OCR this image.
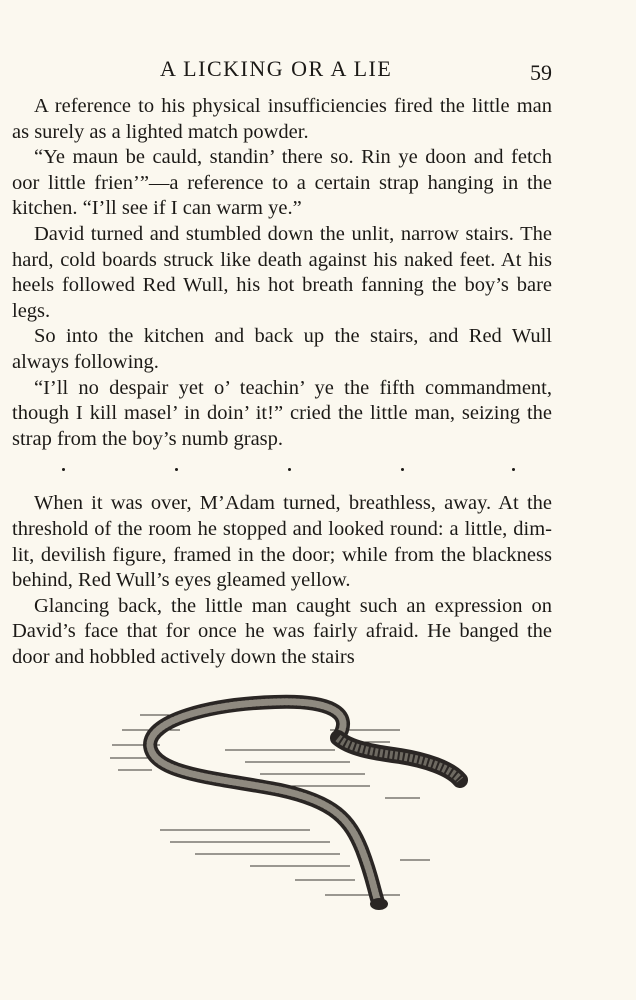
A LICKING OR A LIE	59

A reference to his physical insufficiencies fired the little man as surely as a lighted match powder.

“Ye maun be cauld, standin’ there so. Rin ye doon and fetch oor little frien’”—a reference to a certain strap hanging in the kitchen. “I’ll see if I can warm ye.”

David turned and stumbled down the unlit, narrow stairs. The hard, cold boards struck like death against his naked feet. At his heels followed Red Wull, his hot breath fanning the boy’s bare legs.

So into the kitchen and back up the stairs, and Red Wull always following.

“I’ll no despair yet o’ teachin’ ye the fifth commandment, though I kill masel’ in doin’ it!” cried the little man, seizing the strap from the boy’s numb grasp.

When it was over, M’Adam turned, breathless, away. At the threshold of the room he stopped and looked round: a little, dim-lit, devilish figure, framed in the door; while from the blackness behind, Red Wull’s eyes gleamed yellow.

Glancing back, the little man caught such an expression on David’s face that for once he was fairly afraid. He banged the door and hobbled actively down the stairs
